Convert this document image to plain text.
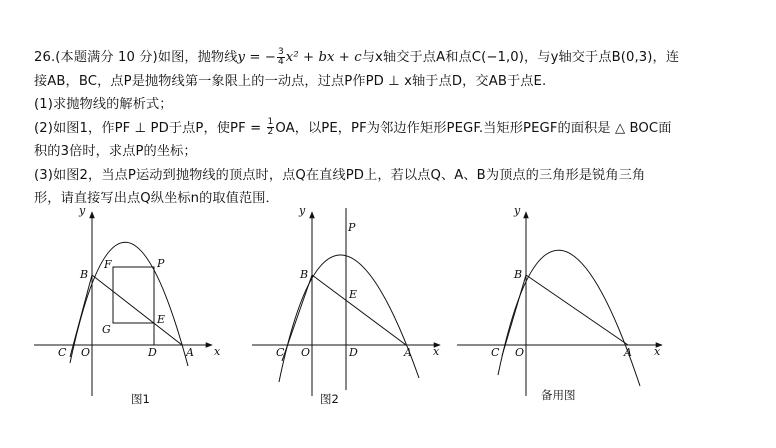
26.(本题满分 10 分)如图，抛物线y = − $\frac{3}{4} x^2$ + bx + c与x轴交于点A和点C(−1,0)，与y轴交于点B(0,3)，连

接AB，BC，点P是抛物线第一象限上的一动点，过点P作PD ⊥ x轴于点D，交AB于点E.

(1)求抛物线的解析式；

(2)如图1，作PF ⊥ PD于点P，使PF = $\frac{1}{2}$ OA，以PE，PF为邻边作矩形PEGF.当矩形PEGF的面积是 △ BOC面

积的3倍时，求点P的坐标；

(3)如图2，当点P运动到抛物线的顶点时，点Q在直线PD上，若以点Q、A、B为顶点的三角形是锐角三角

形，请直接写出点Q纵坐标n的取值范围．

y
x
B
F	P
G
E
C O	D	A
图1
y
x
P
B
E
C O	D	A
图2
y
x
B
C O	A
备用图
